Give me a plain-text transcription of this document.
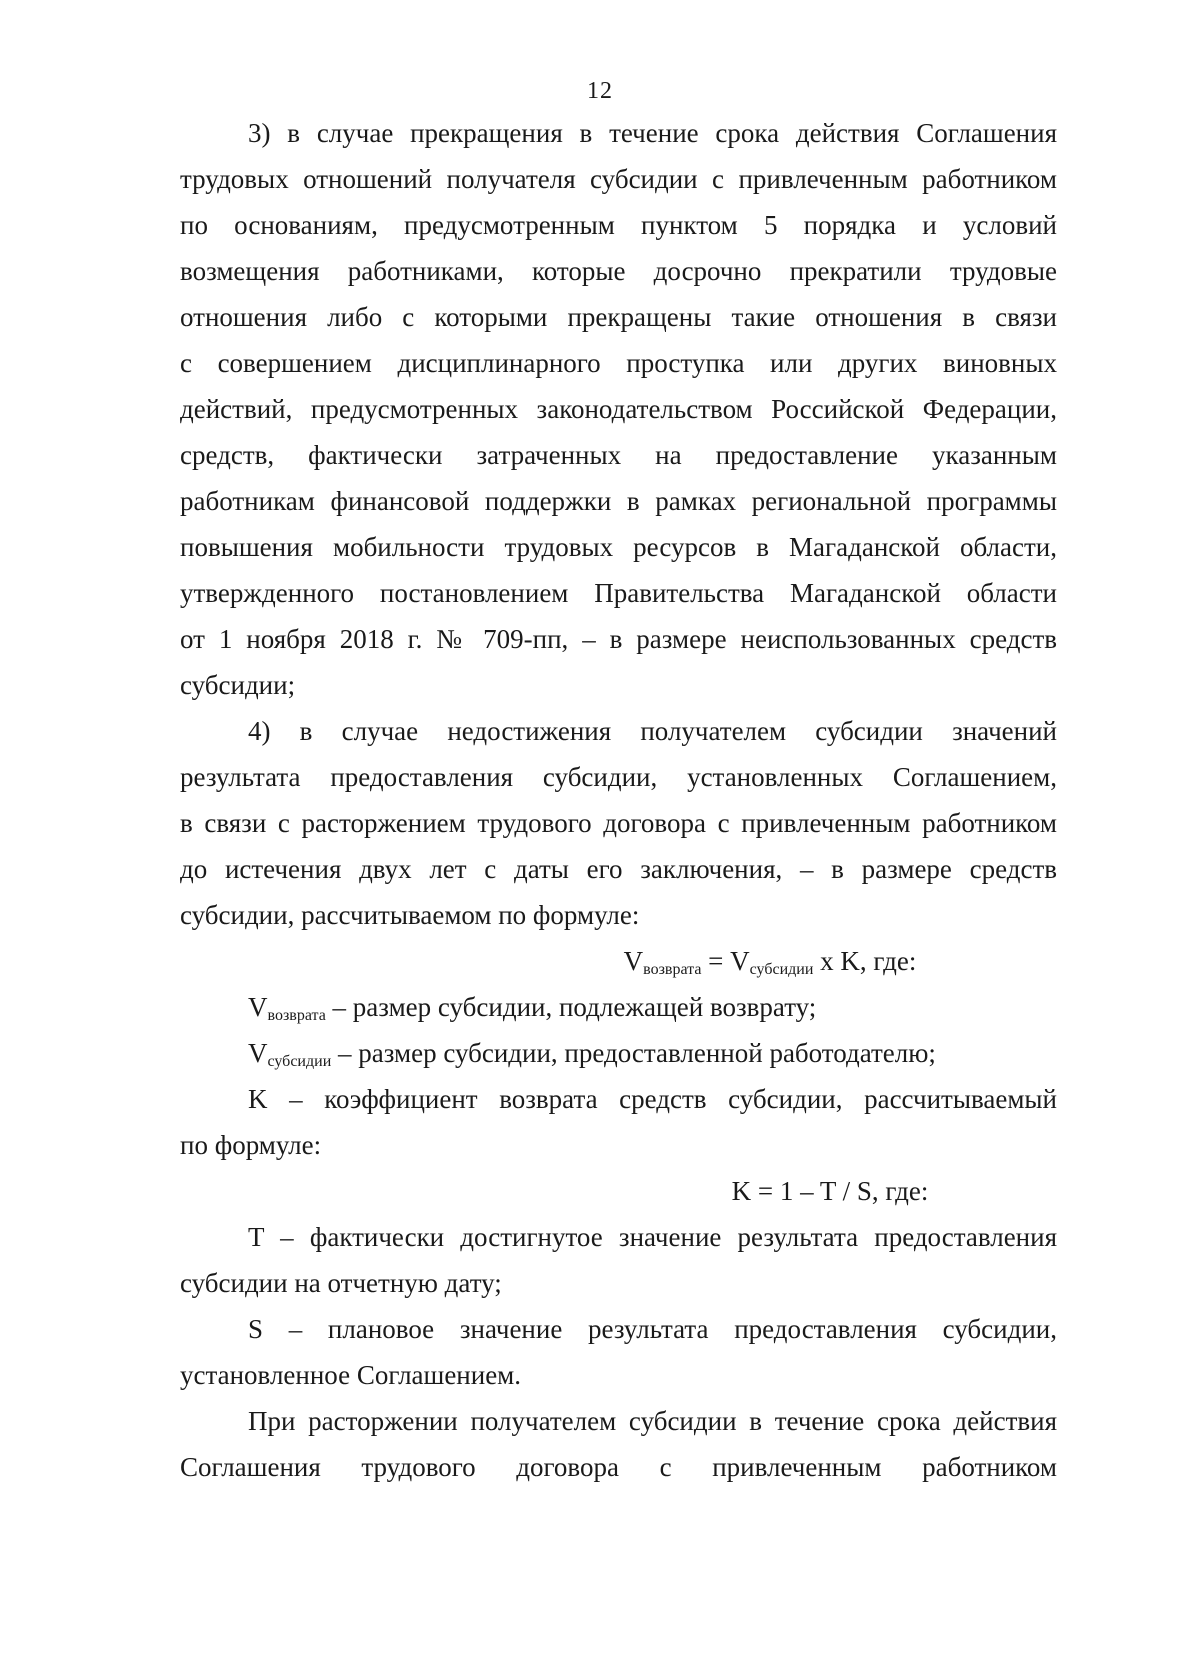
12
3) в случае прекращения в течение срока действия Соглашения
трудовых отношений получателя субсидии с привлеченным работником
по основаниям, предусмотренным пунктом 5 порядка и условий
возмещения работниками, которые досрочно прекратили трудовые
отношения либо с которыми прекращены такие отношения в связи
с совершением дисциплинарного проступка или других виновных
действий, предусмотренных законодательством Российской Федерации,
средств, фактически затраченных на предоставление указанным
работникам финансовой поддержки в рамках региональной программы
повышения мобильности трудовых ресурсов в Магаданской области,
утвержденного постановлением Правительства Магаданской области
от 1 ноября 2018 г. № 709-пп, – в размере неиспользованных средств
субсидии;
4) в случае недостижения получателем субсидии значений
результата предоставления субсидии, установленных Соглашением,
в связи с расторжением трудового договора с привлеченным работником
до истечения двух лет с даты его заключения, – в размере средств
субсидии, рассчитываемом по формуле:
$V_{возврата} = V_{субсидии}$ x K, где:
$V_{возврата}$ – размер субсидии, подлежащей возврату;
$V_{субсидии}$ – размер субсидии, предоставленной работодателю;
K – коэффициент возврата средств субсидии, рассчитываемый
по формуле:
K = 1 – T / S, где:
T – фактически достигнутое значение результата предоставления
субсидии на отчетную дату;
S – плановое значение результата предоставления субсидии,
установленное Соглашением.
При расторжении получателем субсидии в течение срока действия
Соглашения трудового договора с привлеченным работником
